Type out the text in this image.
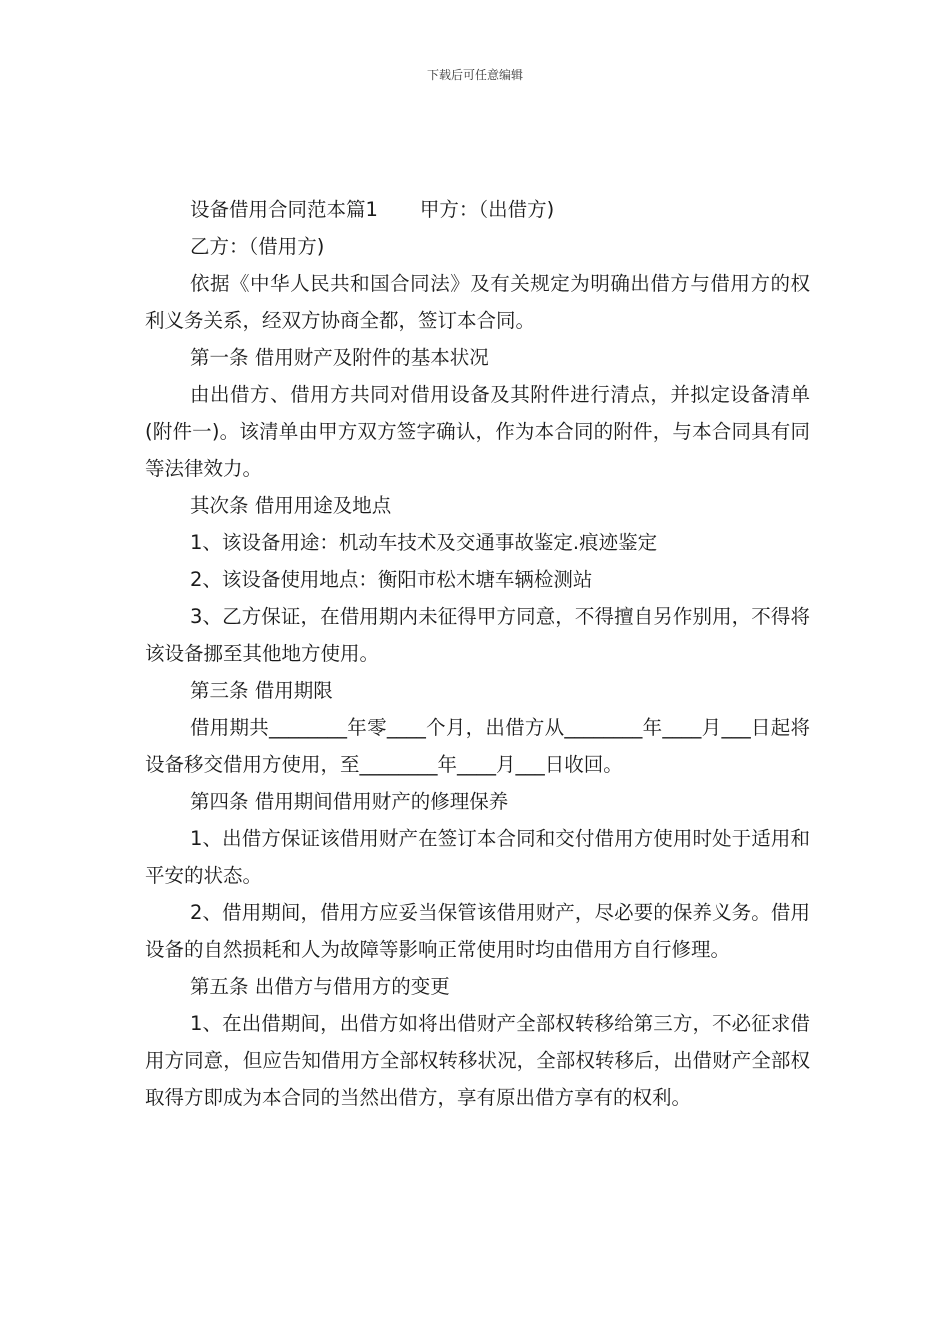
下载后可任意编辑

设备借用合同范本篇1 甲方：（出借方)

乙方：（借用方)

依据《中华人民共和国合同法》及有关规定为明确出借方与借用方的权利义务关系，经双方协商全都，签订本合同。

第一条 借用财产及附件的基本状况

由出借方、借用方共同对借用设备及其附件进行清点，并拟定设备清单(附件一)。该清单由甲方双方签字确认，作为本合同的附件，与本合同具有同等法律效力。

其次条 借用用途及地点

1、该设备用途：机动车技术及交通事故鉴定.痕迹鉴定

2、该设备使用地点：衡阳市松木塘车辆检测站

3、乙方保证，在借用期内未征得甲方同意，不得擅自另作别用，不得将该设备挪至其他地方使用。

第三条 借用期限

借用期共________年零____个月，出借方从________年____月___日起将设备移交借用方使用，至________年____月___日收回。

第四条 借用期间借用财产的修理保养

1、出借方保证该借用财产在签订本合同和交付借用方使用时处于适用和平安的状态。

2、借用期间，借用方应妥当保管该借用财产，尽必要的保养义务。借用设备的自然损耗和人为故障等影响正常使用时均由借用方自行修理。

第五条 出借方与借用方的变更

1、在出借期间，出借方如将出借财产全部权转移给第三方，不必征求借用方同意，但应告知借用方全部权转移状况，全部权转移后，出借财产全部权取得方即成为本合同的当然出借方，享有原出借方享有的权利。
